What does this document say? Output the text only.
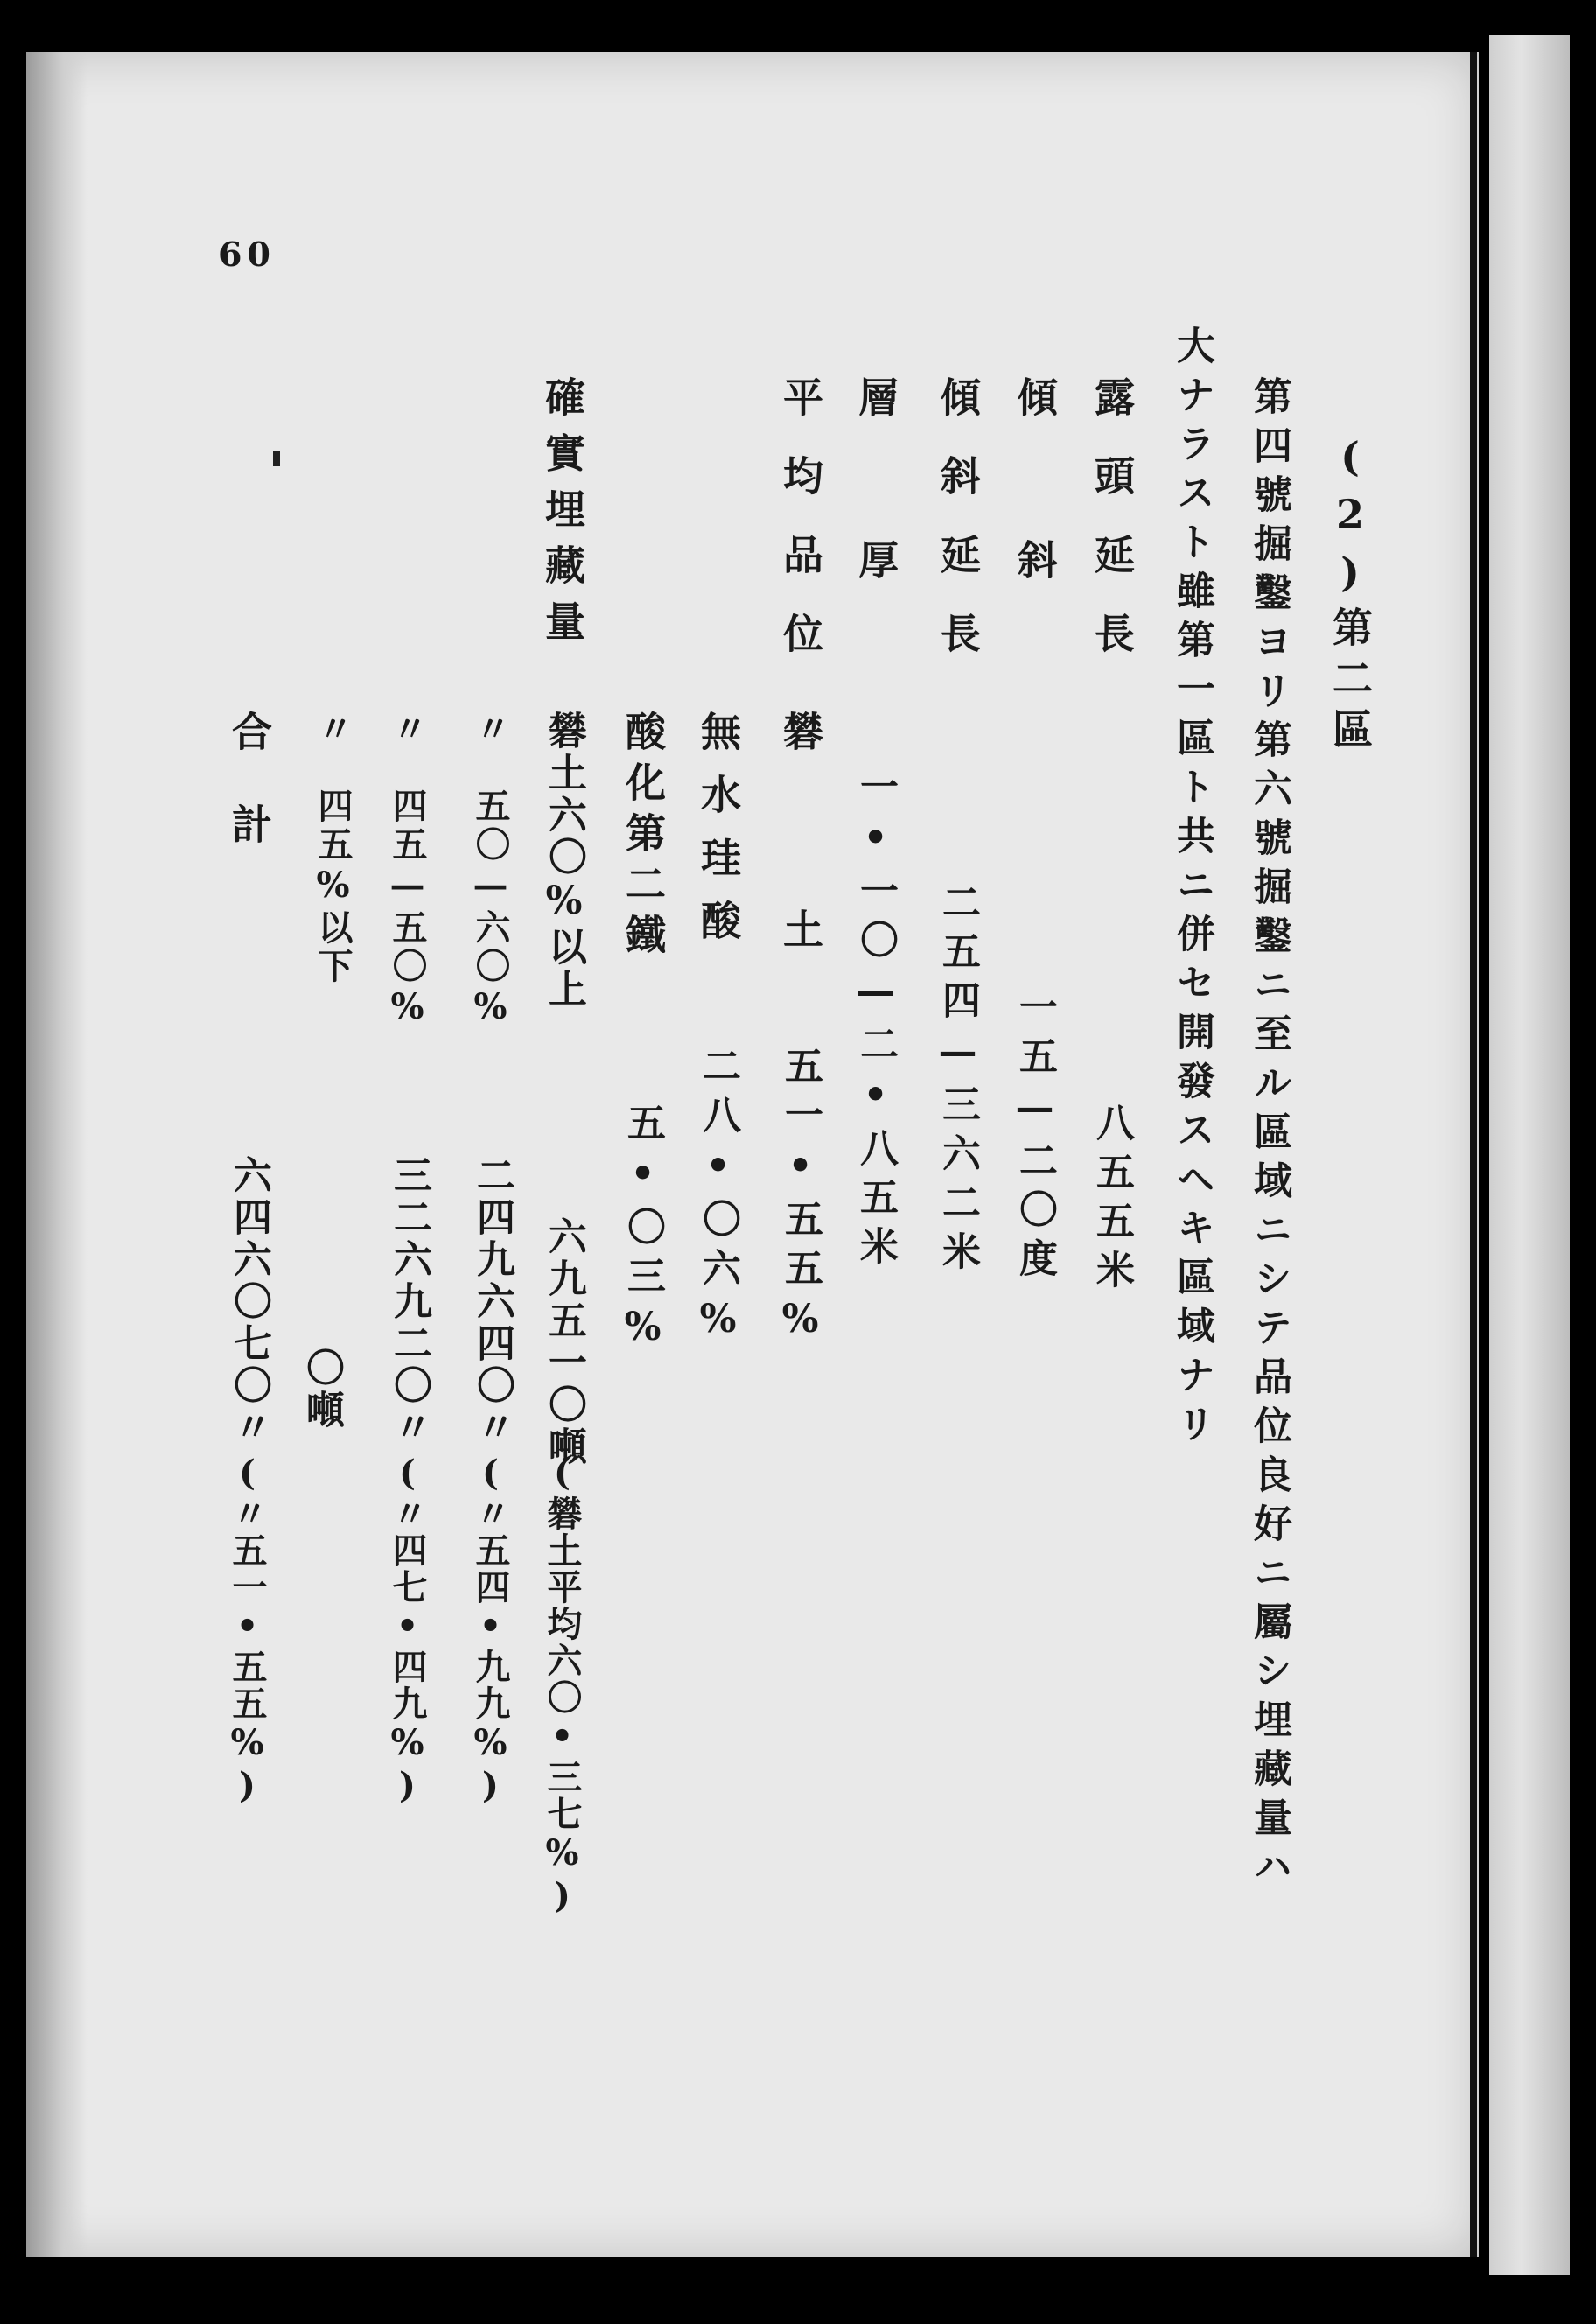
60
(2)第二區
第四號掘鑿ヨリ第六號掘鑿ニ至ル區域ニシテ品位良好ニ屬シ埋藏量ハ
大ナラスト雖第一區ト共ニ併セ開發スヘキ區域ナリ
露頭延長
傾斜
傾斜延長
層厚
八五五米
一五—二〇度
二五四—三六二米
一•一〇—二•八五米
平均品位
礬土
五一•五五%
無水珪酸
二八•〇六%
酸化第二鐵
五•〇三%
確實埋藏量
礬土六〇%以上
六九五一〇噸
(礬土平均六〇•三七%)
〃
五〇—六〇%
二四九六四〇〃
(〃五四•九九%)
〃
四五—五〇%
三二六九二〇〃
(〃四七•四九%)
〃
四五%以下
〇噸
合計
六四六〇七〇〃
(〃五一•五五%)
